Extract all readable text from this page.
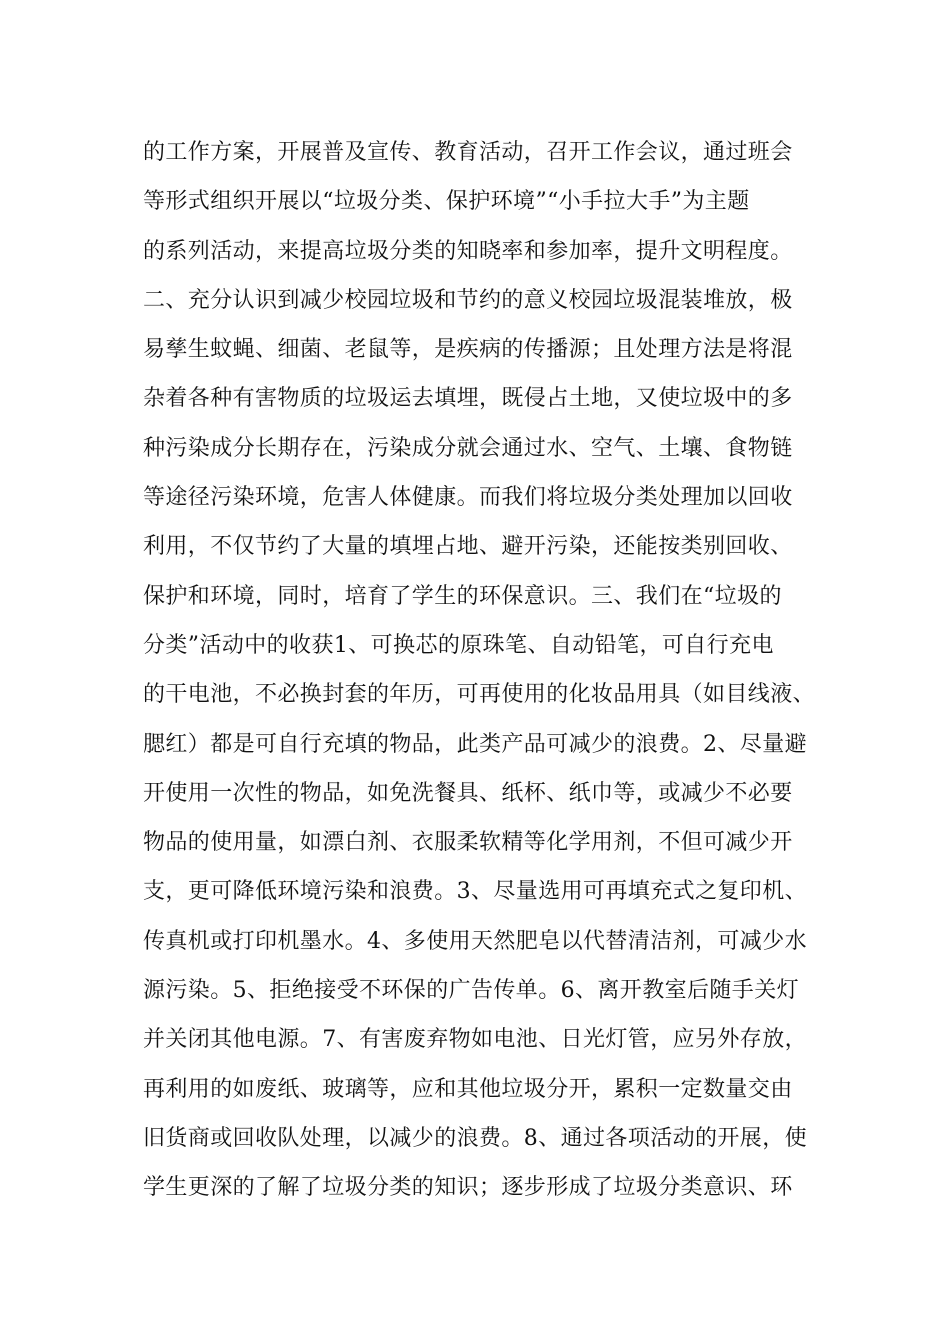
的工作方案，开展普及宣传、教育活动，召开工作会议，通过班会
等形式组织开展以“垃圾分类、保护环境”“小手拉大手”为主题
的系列活动，来提高垃圾分类的知晓率和参加率，提升文明程度。
二、充分认识到减少校园垃圾和节约的意义校园垃圾混装堆放，极
易孳生蚊蝇、细菌、老鼠等，是疾病的传播源；且处理方法是将混
杂着各种有害物质的垃圾运去填埋，既侵占土地，又使垃圾中的多
种污染成分长期存在，污染成分就会通过水、空气、土壤、食物链
等途径污染环境，危害人体健康。而我们将垃圾分类处理加以回收
利用，不仅节约了大量的填埋占地、避开污染，还能按类别回收、
保护和环境，同时，培育了学生的环保意识。三、我们在“垃圾的
分类”活动中的收获1、可换芯的原珠笔、自动铅笔，可自行充电
的干电池，不必换封套的年历，可再使用的化妆品用具（如目线液、
腮红）都是可自行充填的物品，此类产品可减少的浪费。2、尽量避
开使用一次性的物品，如免洗餐具、纸杯、纸巾等，或减少不必要
物品的使用量，如漂白剂、衣服柔软精等化学用剂，不但可减少开
支，更可降低环境污染和浪费。3、尽量选用可再填充式之复印机、
传真机或打印机墨水。4、多使用天然肥皂以代替清洁剂，可减少水
源污染。5、拒绝接受不环保的广告传单。6、离开教室后随手关灯
并关闭其他电源。7、有害废弃物如电池、日光灯管，应另外存放，
再利用的如废纸、玻璃等，应和其他垃圾分开，累积一定数量交由
旧货商或回收队处理，以减少的浪费。8、通过各项活动的开展，使
学生更深的了解了垃圾分类的知识；逐步形成了垃圾分类意识、环
